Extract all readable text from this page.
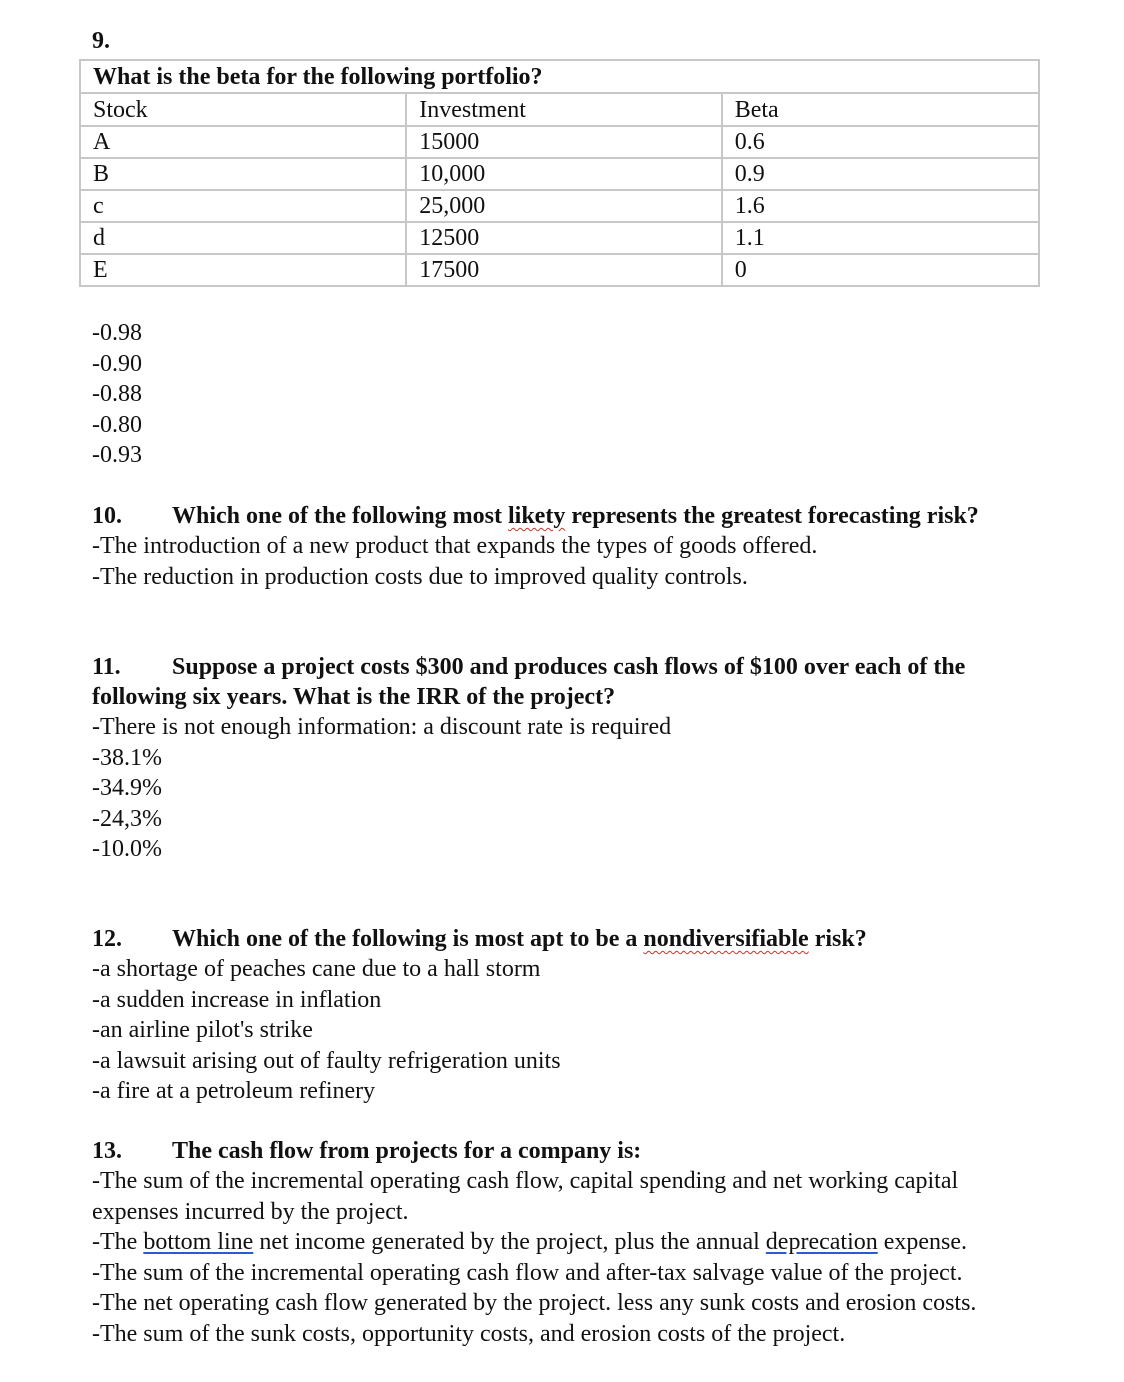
9.
What is the beta for the following portfolio?		
Stock	Investment	Beta
A	15000	0.6
B	10,000	0.9
c	25,000	1.6
d	12500	1.1
E	17500	0
-0.98
-0.90
-0.88
-0.80
-0.93
10. Which one of the following most likety represents the greatest forecasting risk?
-The introduction of a new product that expands the types of goods offered.
-The reduction in production costs due to improved quality controls.
11. Suppose a project costs $300 and produces cash flows of $100 over each of the
following six years. What is the IRR of the project?
-There is not enough information: a discount rate is required
-38.1%
-34.9%
-24,3%
-10.0%
12. Which one of the following is most apt to be a nondiversifiable risk?
-a shortage of peaches cane due to a hall storm
-a sudden increase in inflation
-an airline pilot's strike
-a lawsuit arising out of faulty refrigeration units
-a fire at a petroleum refinery
13. The cash flow from projects for a company is:
-The sum of the incremental operating cash flow, capital spending and net working capital
expenses incurred by the project.
-The bottom line net income generated by the project, plus the annual deprecation expense.
-The sum of the incremental operating cash flow and after-tax salvage value of the project.
-The net operating cash flow generated by the project. less any sunk costs and erosion costs.
-The sum of the sunk costs, opportunity costs, and erosion costs of the project.
